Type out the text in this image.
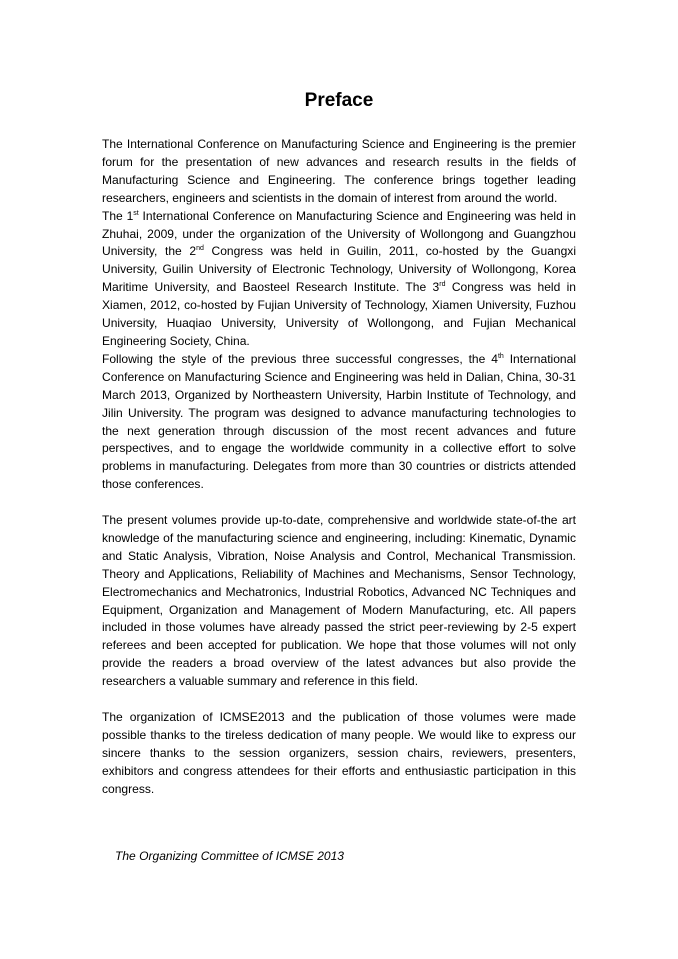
Preface

The International Conference on Manufacturing Science and Engineering is the premier forum for the presentation of new advances and research results in the fields of Manufacturing Science and Engineering. The conference brings together leading researchers, engineers and scientists in the domain of interest from around the world.

The 1st International Conference on Manufacturing Science and Engineering was held in Zhuhai, 2009, under the organization of the University of Wollongong and Guangzhou University, the 2nd Congress was held in Guilin, 2011, co-hosted by the Guangxi University, Guilin University of Electronic Technology, University of Wollongong, Korea Maritime University, and Baosteel Research Institute. The 3rd Congress was held in Xiamen, 2012, co-hosted by Fujian University of Technology, Xiamen University, Fuzhou University, Huaqiao University, University of Wollongong, and Fujian Mechanical Engineering Society, China.

Following the style of the previous three successful congresses, the 4th International Conference on Manufacturing Science and Engineering was held in Dalian, China, 30-31 March 2013, Organized by Northeastern University, Harbin Institute of Technology, and Jilin University. The program was designed to advance manufacturing technologies to the next generation through discussion of the most recent advances and future perspectives, and to engage the worldwide community in a collective effort to solve problems in manufacturing. Delegates from more than 30 countries or districts attended those conferences.

The present volumes provide up-to-date, comprehensive and worldwide state-of-the art knowledge of the manufacturing science and engineering, including: Kinematic, Dynamic and Static Analysis, Vibration, Noise Analysis and Control, Mechanical Transmission. Theory and Applications, Reliability of Machines and Mechanisms, Sensor Technology, Electromechanics and Mechatronics, Industrial Robotics, Advanced NC Techniques and Equipment, Organization and Management of Modern Manufacturing, etc. All papers included in those volumes have already passed the strict peer-reviewing by 2-5 expert referees and been accepted for publication. We hope that those volumes will not only provide the readers a broad overview of the latest advances but also provide the researchers a valuable summary and reference in this field.

The organization of ICMSE2013 and the publication of those volumes were made possible thanks to the tireless dedication of many people. We would like to express our sincere thanks to the session organizers, session chairs, reviewers, presenters, exhibitors and congress attendees for their efforts and enthusiastic participation in this congress.

The Organizing Committee of ICMSE 2013
